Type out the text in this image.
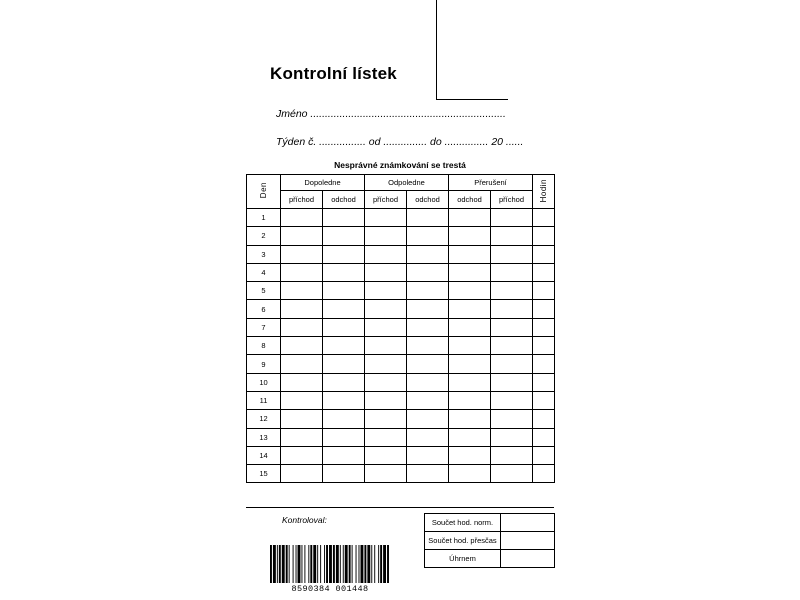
Kontrolní lístek
Jméno ...................................................................
Týden č. ................ od ............... do ............... 20 ......
Nesprávné známkování se trestá
Den	Dopoledne		Odpoledne		Přerušení		Hodin
	příchod	odchod	příchod	odchod	odchod	příchod	
1							
2							
3							
4							
5							
6							
7							
8							
9							
10							
11							
12							
13							
14							
15							
Kontroloval:	Součet hod. norm.	
Součet hod. přesčas	
Úhrnem	
8590384 001448
